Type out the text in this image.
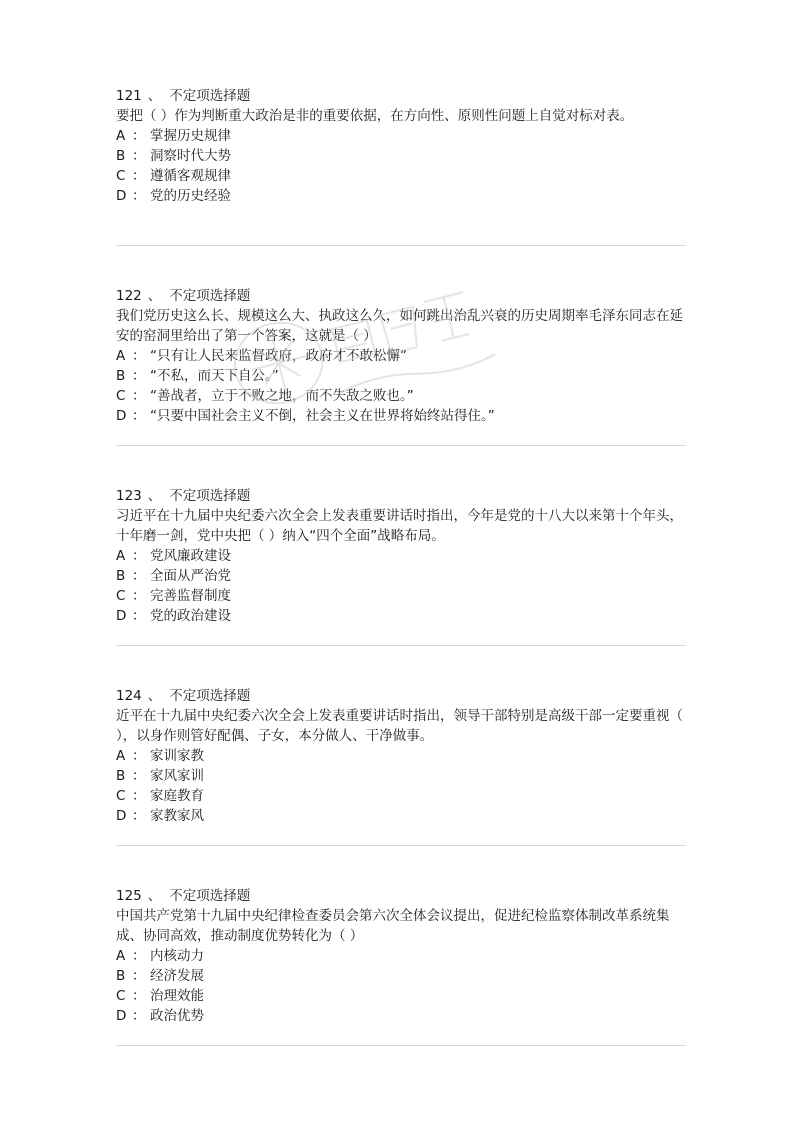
121 、 不定项选择题

要把（ ）作为判断重大政治是非的重要依据，在方向性、原则性问题上自觉对标对表。

A ： 掌握历史规律
B ： 洞察时代大势
C ： 遵循客观规律
D ： 党的历史经验
122 、 不定项选择题

我们党历史这么长、规模这么大、执政这么久，如何跳出治乱兴衰的历史周期率毛泽东同志在延安的窑洞里给出了第一个答案，这就是（ ）

A ： “只有让人民来监督政府，政府才不敢松懈”
B ： “不私，而天下自公。”
C ： “善战者，立于不败之地，而不失敌之败也。”
D ： “只要中国社会主义不倒，社会主义在世界将始终站得住。”
123 、 不定项选择题

习近平在十九届中央纪委六次全会上发表重要讲话时指出，今年是党的十八大以来第十个年头，十年磨一剑，党中央把（ ）纳入“四个全面”战略布局。

A ： 党风廉政建设
B ： 全面从严治党
C ： 完善监督制度
D ： 党的政治建设
124 、 不定项选择题

近平在十九届中央纪委六次全会上发表重要讲话时指出，领导干部特别是高级干部一定要重视（ ），以身作则管好配偶、子女，本分做人、干净做事。

A ： 家训家教
B ： 家风家训
C ： 家庭教育
D ： 家教家风
125 、 不定项选择题

中国共产党第十九届中央纪律检查委员会第六次全体会议提出，促进纪检监察体制改革系统集成、协同高效，推动制度优势转化为（ ）

A ： 内核动力
B ： 经济发展
C ： 治理效能
D ： 政治优势
